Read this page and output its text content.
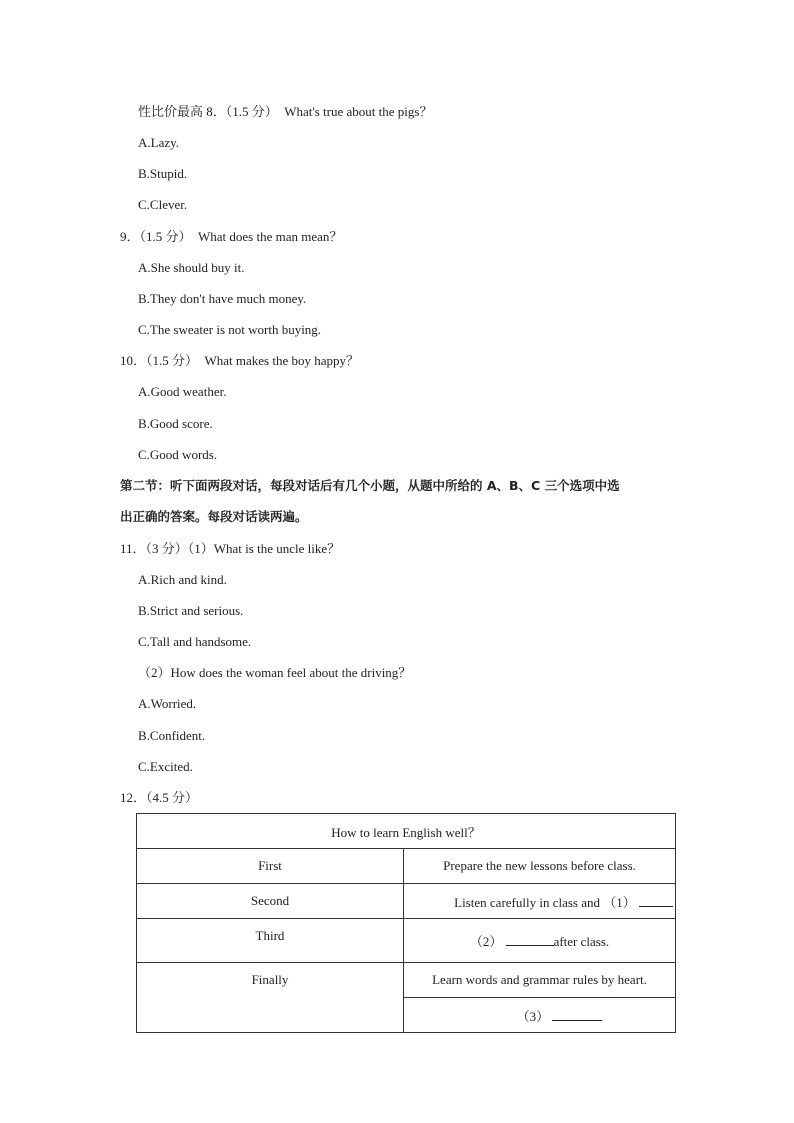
性比价最高 8．（1.5 分）　What's true about the pigs？
A.Lazy.
B.Stupid.
C.Clever.
9．（1.5 分）　What does the man mean？
A.She should buy it.
B.They don't have much money.
C.The sweater is not worth buying.
10．（1.5 分）　What makes the boy happy？
A.Good weather.
B.Good score.
C.Good words.
第二节：听下面两段对话，每段对话后有几个小题，从题中所给的 A、B、C 三个选项中选
出正确的答案。每段对话读两遍。
11．（3 分）（1）What is the uncle like？
A.Rich and kind.
B.Strict and serious.
C.Tall and handsome.
（2）How does the woman feel about the driving？
A.Worried.
B.Confident.
C.Excited.
12．（4.5 分）
How to learn English well？	
First	Prepare the new lessons before class.
Second	Listen carefully in class and （1）
Third	（2） after class.
Finally	Learn words and grammar rules by heart.
	（3）
